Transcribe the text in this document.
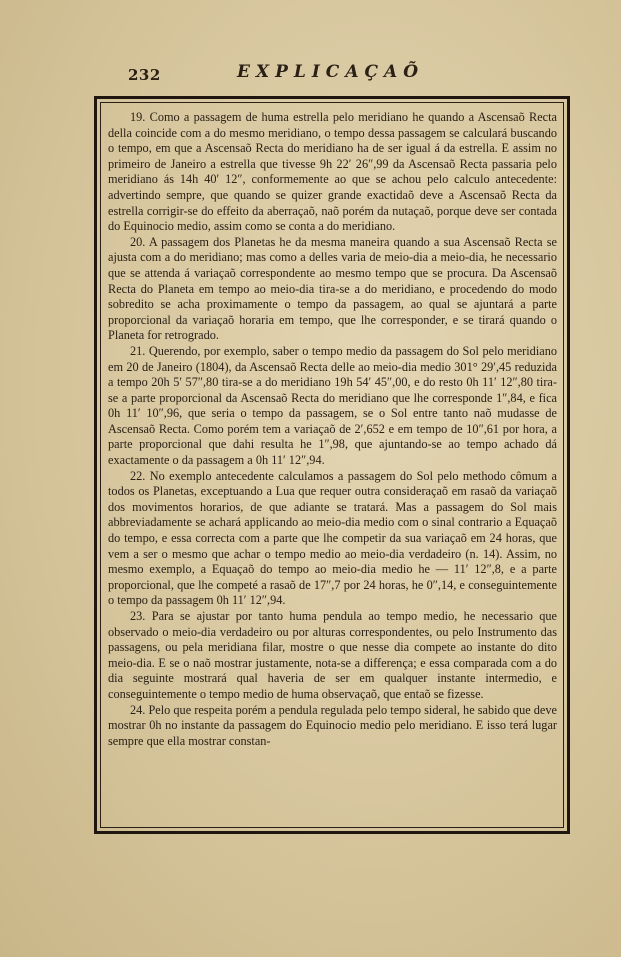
232	EXPLICAÇAÕ

19. Como a passagem de huma estrella pelo meridiano he quando a Ascensaõ Recta della coincide com a do mesmo meridiano, o tempo dessa passagem se calculará buscando o tempo, em que a Ascensaõ Recta do meridiano ha de ser igual á da estrella. E assim no primeiro de Janeiro a estrella que tivesse 9h 22′ 26″,99 da Ascensaõ Recta passaria pelo meridiano ás 14h 40′ 12″, conformemente ao que se achou pelo calculo antecedente: advertindo sempre, que quando se quizer grande exactidaõ deve a Ascensaõ Recta da estrella corrigir-se do effeito da aberraçaõ, naõ porém da nutaçaõ, porque deve ser contada do Equinocio medio, assim como se conta a do meridiano.

20. A passagem dos Planetas he da mesma maneira quando a sua Ascensaõ Recta se ajusta com a do meridiano; mas como a delles varia de meio-dia a meio-dia, he necessario que se attenda á variaçaõ correspondente ao mesmo tempo que se procura. Da Ascensaõ Recta do Planeta em tempo ao meio-dia tira-se a do meridiano, e procedendo do modo sobredito se acha proximamente o tempo da passagem, ao qual se ajuntará a parte proporcional da variaçaõ horaria em tempo, que lhe corresponder, e se tirará quando o Planeta for retrogrado.

21. Querendo, por exemplo, saber o tempo medio da passagem do Sol pelo meridiano em 20 de Janeiro (1804), da Ascensaõ Recta delle ao meio-dia medio 301° 29′,45 reduzida a tempo 20h 5′ 57″,80 tira-se a do meridiano 19h 54′ 45″,00, e do resto 0h 11′ 12″,80 tira-se a parte proporcional da Ascensaõ Recta do meridiano que lhe corresponde 1″,84, e fica 0h 11′ 10″,96, que seria o tempo da passagem, se o Sol entre tanto naõ mudasse de Ascensaõ Recta. Como porém tem a variaçaõ de 2′,652 e em tempo de 10″,61 por hora, a parte proporcional que dahi resulta he 1″,98, que ajuntando-se ao tempo achado dá exactamente o da passagem a 0h 11′ 12″,94.

22. No exemplo antecedente calculamos a passagem do Sol pelo methodo cômum a todos os Planetas, exceptuando a Lua que requer outra consideraçaõ em rasaõ da variaçaõ dos movimentos horarios, de que adiante se tratará. Mas a passagem do Sol mais abbreviadamente se achará applicando ao meio-dia medio com o sinal contrario a Equaçaõ do tempo, e essa correcta com a parte que lhe competir da sua variaçaõ em 24 horas, que vem a ser o mesmo que achar o tempo medio ao meio-dia verdadeiro (n. 14). Assim, no mesmo exemplo, a Equaçaõ do tempo ao meio-dia medio he — 11′ 12″,8, e a parte proporcional, que lhe competé a rasaõ de 17″,7 por 24 horas, he 0″,14, e conseguintemente o tempo da passagem 0h 11′ 12″,94.

23. Para se ajustar por tanto huma pendula ao tempo medio, he necessario que observado o meio-dia verdadeiro ou por alturas correspondentes, ou pelo Instrumento das passagens, ou pela meridiana filar, mostre o que nesse dia compete ao instante do dito meio-dia. E se o naõ mostrar justamente, nota-se a differença; e essa comparada com a do dia seguinte mostrará qual haveria de ser em qualquer instante intermedio, e conseguintemente o tempo medio de huma observaçaõ, que entaõ se fizesse.

24. Pelo que respeita porém a pendula regulada pelo tempo sideral, he sabido que deve mostrar 0h no instante da passagem do Equinocio medio pelo meridiano. E isso terá lugar sempre que ella mostrar constan-
